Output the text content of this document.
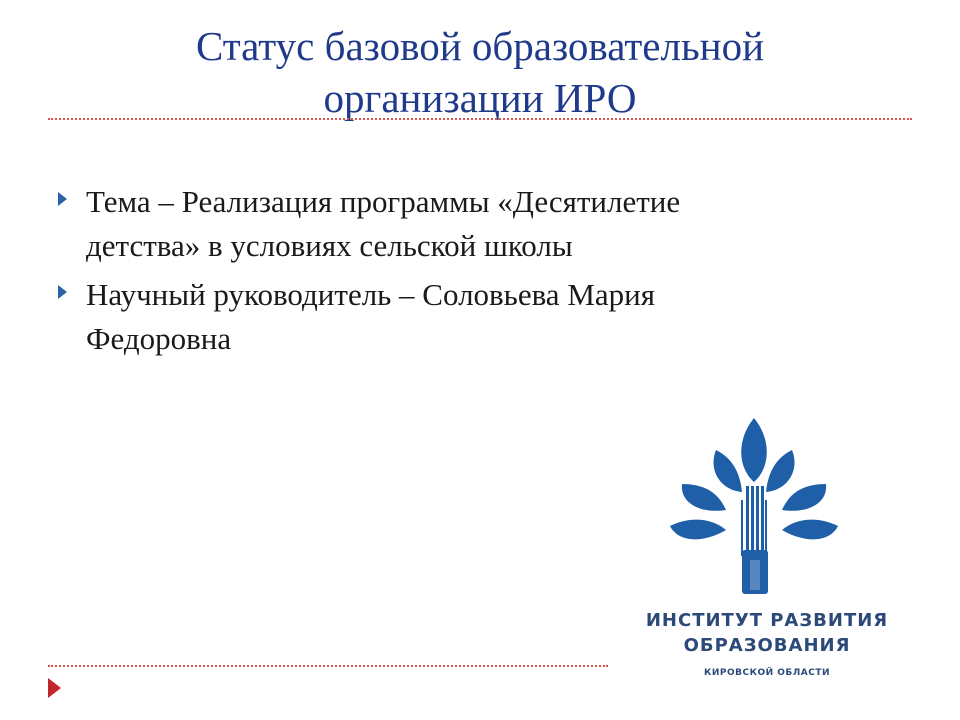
Статус базовой образовательной
организации ИРО
Тема – Реализация программы «Десятилетие
детства» в условиях сельской школы
Научный руководитель – Соловьева Мария
Федоровна
ИНСТИТУТ РАЗВИТИЯ
ОБРАЗОВАНИЯ
КИРОВСКОЙ ОБЛАСТИ
